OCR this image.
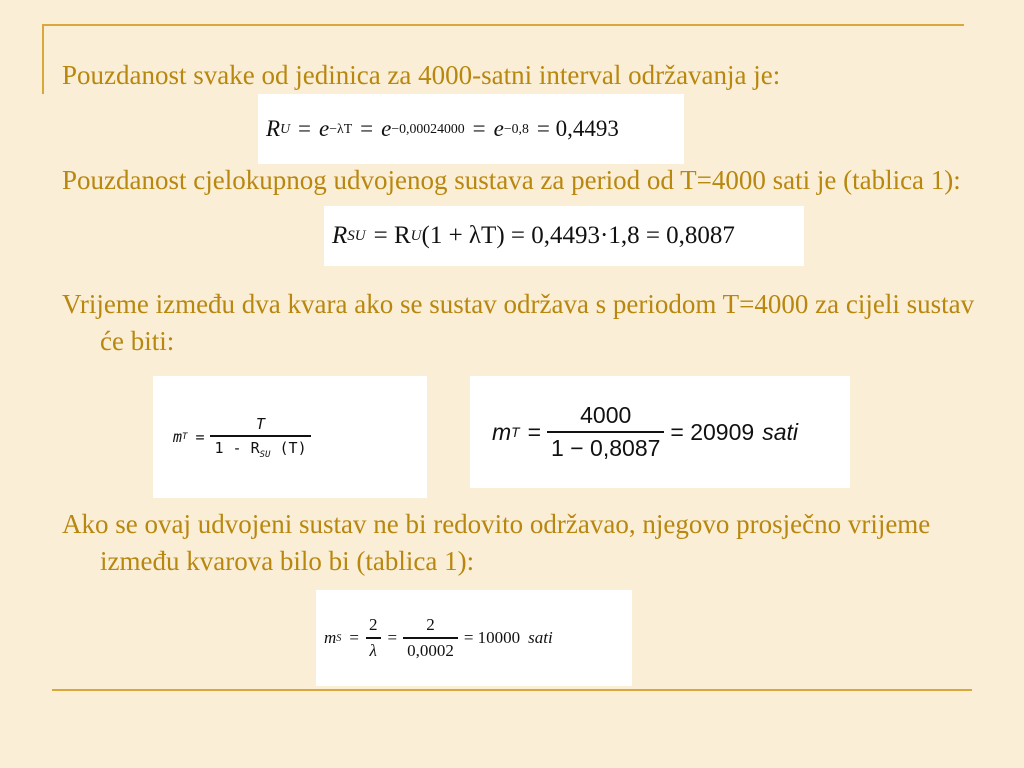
Pouzdanost svake od jedinica za 4000-satni interval održavanja je:
R U = e −λT = e −0,00024000 = e −0,8 = 0,4493
Pouzdanost cjelokupnog udvojenog sustava za period od T=4000 sati je (tablica 1):
R SU = R U (1 + λT) = 0,4493·1,8 = 0,8087
Vrijeme između dva kvara ako se sustav održava s periodom T=4000 za cijeli sustav će biti:
m $T = \frac{T}{1 - R_{SU} (T)}$	m $T = \frac{4000}{1 - 0,8087} = 20909$ sati
Ako se ovaj udvojeni sustav ne bi redovito održavao, njegovo prosječno vrijeme između kvarova bilo bi (tablica 1):
m $S = \frac{2}{\lambda} = \frac{2}{0,0002} = 10000$ sati
